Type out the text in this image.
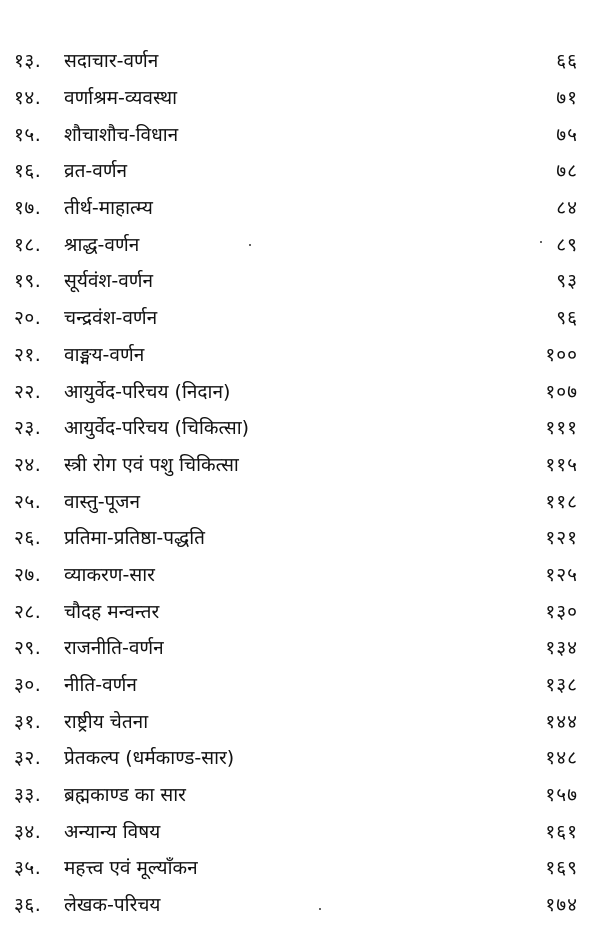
१३. सदाचार-वर्णन	६६
१४. वर्णाश्रम-व्यवस्था	७१
१५. शौचाशौच-विधान	७५
१६. व्रत-वर्णन	७८
१७. तीर्थ-माहात्म्य	८४
१८. श्राद्ध-वर्णन	८९
१९. सूर्यवंश-वर्णन	९३
२०. चन्द्रवंश-वर्णन	९६
२१. वाङ्मय-वर्णन	१००
२२. आयुर्वेद-परिचय (निदान)	१०७
२३. आयुर्वेद-परिचय (चिकित्सा)	१११
२४. स्त्री रोग एवं पशु चिकित्सा	११५
२५. वास्तु-पूजन	११८
२६. प्रतिमा-प्रतिष्ठा-पद्धति	१२१
२७. व्याकरण-सार	१२५
२८. चौदह मन्वन्तर	१३०
२९. राजनीति-वर्णन	१३४
३०. नीति-वर्णन	१३८
३१. राष्ट्रीय चेतना	१४४
३२. प्रेतकल्प (धर्मकाण्ड-सार)	१४८
३३. ब्रह्मकाण्ड का सार	१५७
३४. अन्यान्य विषय	१६१
३५. महत्त्व एवं मूल्याँकन	१६९
३६. लेखक-परिचय	१७४
